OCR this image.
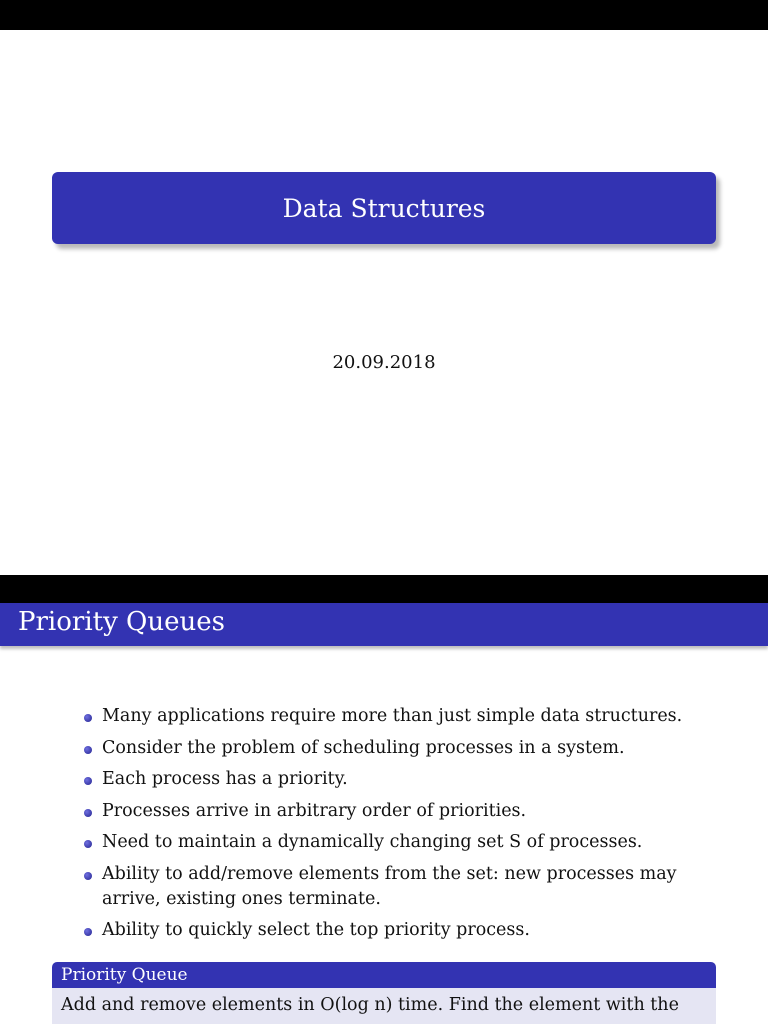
Data Structures
20.09.2018
Priority Queues
Many applications require more than just simple data structures.
Consider the problem of scheduling processes in a system.
Each process has a priority.
Processes arrive in arbitrary order of priorities.
Need to maintain a dynamically changing set S of processes.
Ability to add/remove elements from the set: new processes may arrive, existing ones terminate.
Ability to quickly select the top priority process.
Priority Queue
Add and remove elements in O(log n) time. Find the element with the
